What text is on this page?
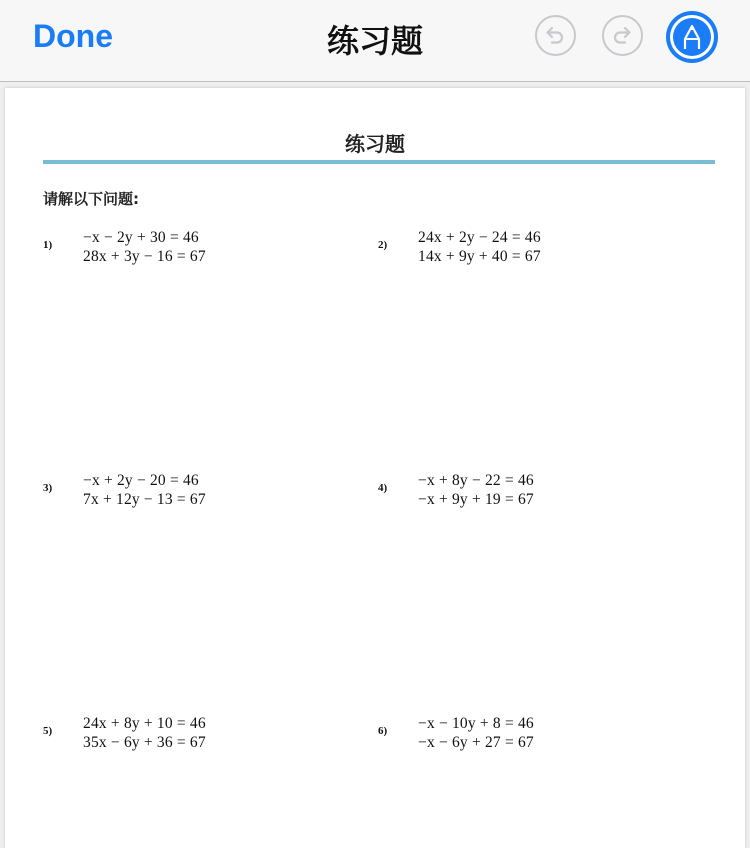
Done	练习题
练习题
请解以下问题:
1) −x − 2y + 30 = 46
28x + 3y − 16 = 67
2) 24x + 2y − 24 = 46
14x + 9y + 40 = 67
3) −x + 2y − 20 = 46
7x + 12y − 13 = 67
4) −x + 8y − 22 = 46
−x + 9y + 19 = 67
5) 24x + 8y + 10 = 46
35x − 6y + 36 = 67
6) −x − 10y + 8 = 46
−x − 6y + 27 = 67
